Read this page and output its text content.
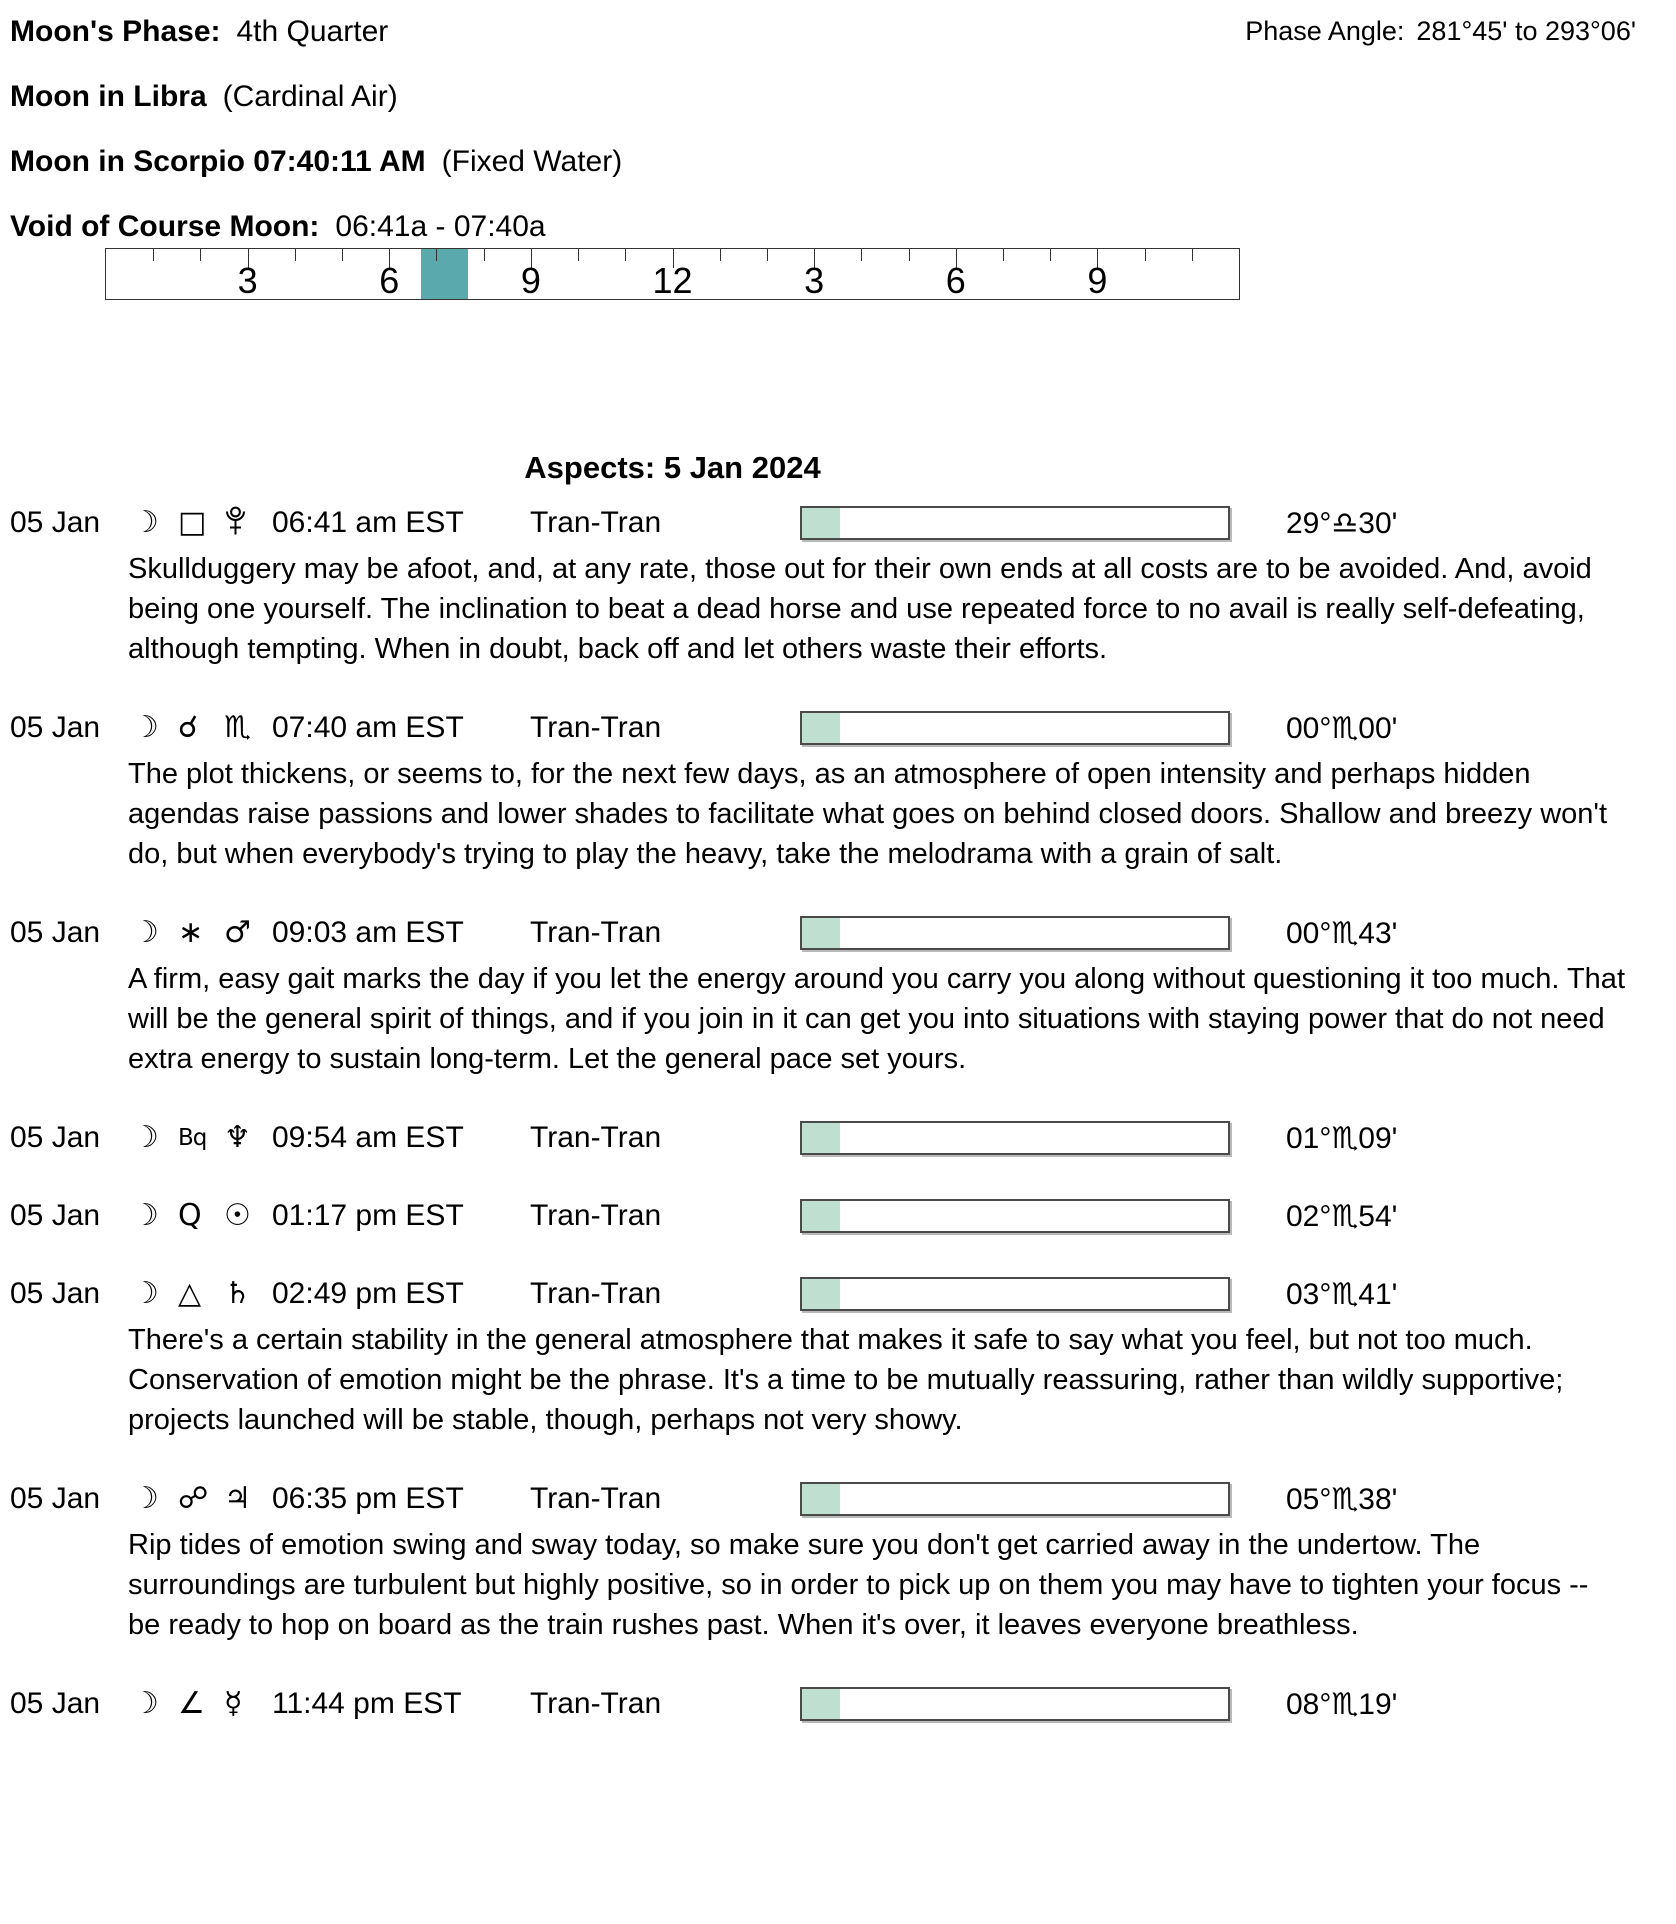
Phase Angle: 281°45' to 293°06'
Moon's Phase: 4th Quarter
Moon in Libra (Cardinal Air)
Moon in Scorpio 07:40:11 AM (Fixed Water)
Void of Course Moon: 06:41a - 07:40a
3	6	9	12	3	6	9
Aspects: 5 Jan 2024
05 Jan	☽ □	06:41 am EST	Tran-Tran	29°♎30'

Skullduggery may be afoot, and, at any rate, those out for their own ends at all costs are to be avoided. And, avoid being one yourself. The inclination to beat a dead horse and use repeated force to no avail is really self-defeating, although tempting. When in doubt, back off and let others waste their efforts.

05 Jan	☽ ☌ ♏ 07:40 am EST	Tran-Tran	00°♏00'

The plot thickens, or seems to, for the next few days, as an atmosphere of open intensity and perhaps hidden agendas raise passions and lower shades to facilitate what goes on behind closed doors. Shallow and breezy won't do, but when everybody's trying to play the heavy, take the melodrama with a grain of salt.

05 Jan	☽ ∗ ♂ 09:03 am EST	Tran-Tran	00°♏43'

A firm, easy gait marks the day if you let the energy around you carry you along without questioning it too much. That will be the general spirit of things, and if you join in it can get you into situations with staying power that do not need extra energy to sustain long-term. Let the general pace set yours.

05 Jan	☽ Bq ♆ 09:54 am EST	Tran-Tran	01°♏09'
05 Jan	☽ Q ☉ 01:17 pm EST	Tran-Tran	02°♏54'
05 Jan	☽ △ ♄ 02:49 pm EST	Tran-Tran	03°♏41'

There's a certain stability in the general atmosphere that makes it safe to say what you feel, but not too much. Conservation of emotion might be the phrase. It's a time to be mutually reassuring, rather than wildly supportive; projects launched will be stable, though, perhaps not very showy.

05 Jan	☽ ☍ ♃ 06:35 pm EST	Tran-Tran	05°♏38'

Rip tides of emotion swing and sway today, so make sure you don't get carried away in the undertow. The surroundings are turbulent but highly positive, so in order to pick up on them you may have to tighten your focus -- be ready to hop on board as the train rushes past. When it's over, it leaves everyone breathless.

05 Jan	☽ ∠ ☿ 11:44 pm EST	Tran-Tran	08°♏19'
